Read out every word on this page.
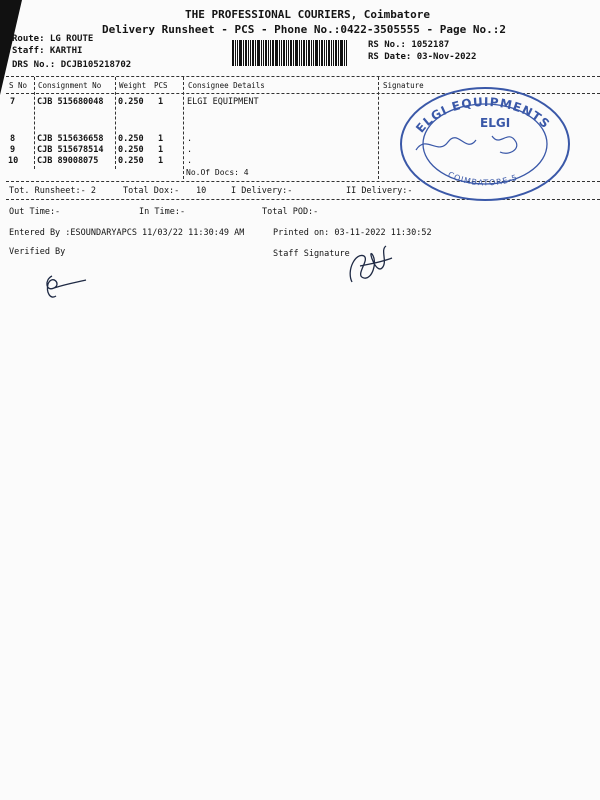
THE PROFESSIONAL COURIERS, Coimbatore
Delivery Runsheet - PCS - Phone No.:0422-3505555 - Page No.:2
Route: LG ROUTE
Staff: KARTHI
DRS No.: DCJB105218702
RS No.: 1052187
RS Date: 03-Nov-2022
S No Consignment No Weight PCS	Consignee Details	Signature
7	CJB 515680048 0.250 1	ELGI EQUIPMENT
8	CJB 515636658 0.250 1	.
9	CJB 515678514 0.250 1	.
10 CJB 89008075 0.250 1	.
No.Of Docs: 4
Tot. Runsheet:- 2	Total Dox:- 10	I Delivery:-	II Delivery:-
Out Time:-	In Time:-	Total POD:-
Entered By :ESOUNDARYAPCS 11/03/22 11:30:49 AM	Printed on: 03-11-2022 11:30:52
Verified By	Staff Signature
ELGI EQUIPMENTS
COIMBATORE-5
ELGI
